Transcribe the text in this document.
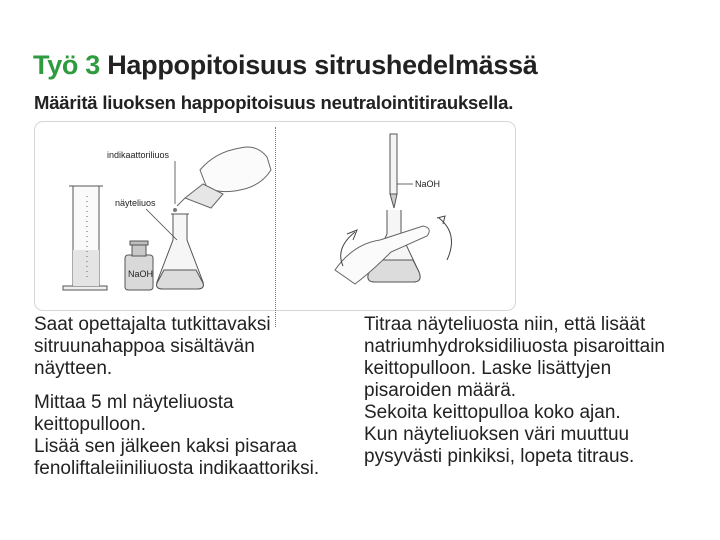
Työ 3 Happopitoisuus sitrushedelmässä
Määritä liuoksen happopitoisuus neutralointitirauksella.
NaOH
indikaattoriliuos
näyteliuos
NaOH

Saat opettajalta tutkittavaksi

sitruunahappoa sisältävän

näytteen.

Mittaa 5 ml näyteliuosta

keittopulloon.

Lisää sen jälkeen kaksi pisaraa

fenoliftaleiiniliuosta indikaattoriksi.

Titraa näyteliuosta niin, että lisäät

natriumhydroksidiliuosta pisaroittain

keittopulloon. Laske lisättyjen

pisaroiden määrä.

Sekoita keittopulloa koko ajan.

Kun näyteliuoksen väri muuttuu

pysyvästi pinkiksi, lopeta titraus.
